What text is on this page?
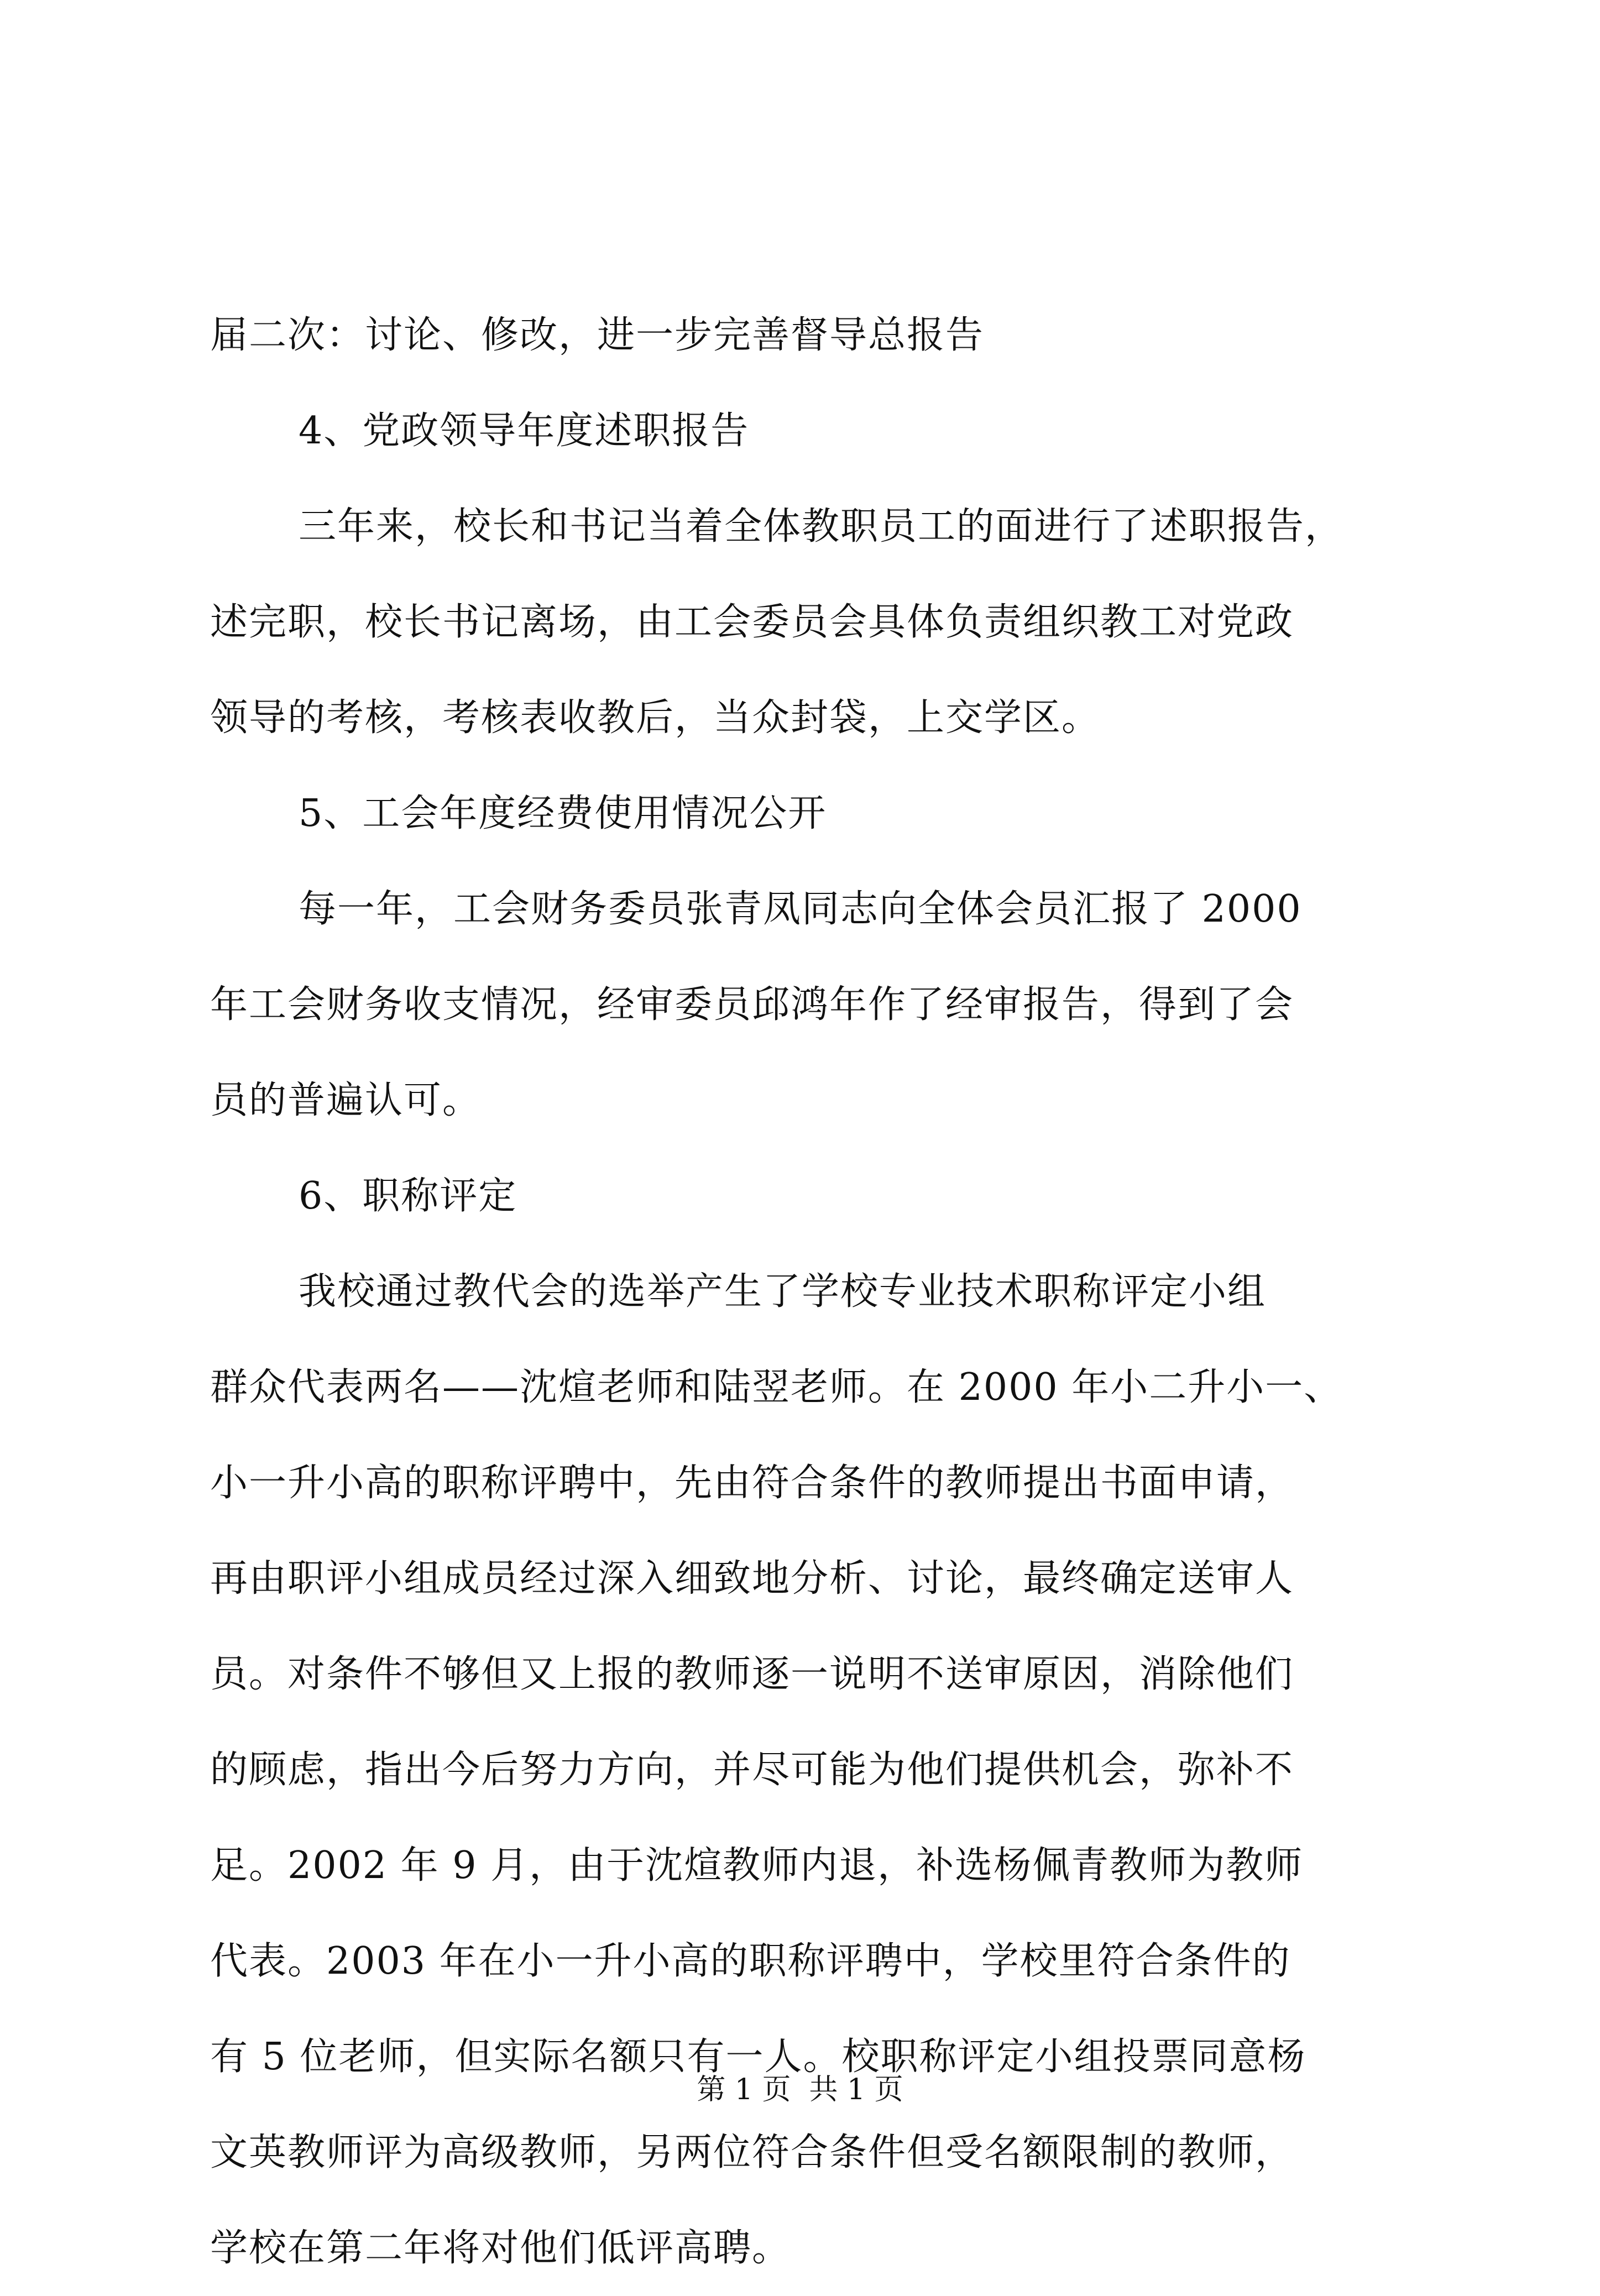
届二次：讨论、修改，进一步完善督导总报告
4、党政领导年度述职报告
三年来，校长和书记当着全体教职员工的面进行了述职报告，
述完职，校长书记离场，由工会委员会具体负责组织教工对党政
领导的考核，考核表收教后，当众封袋，上交学区。
5、工会年度经费使用情况公开
每一年，工会财务委员张青凤同志向全体会员汇报了 2000
年工会财务收支情况，经审委员邱鸿年作了经审报告，得到了会
员的普遍认可。
6、职称评定
我校通过教代会的选举产生了学校专业技术职称评定小组
群众代表两名——沈煊老师和陆翌老师。在 2000 年小二升小一、
小一升小高的职称评聘中，先由符合条件的教师提出书面申请，
再由职评小组成员经过深入细致地分析、讨论，最终确定送审人
员。对条件不够但又上报的教师逐一说明不送审原因，消除他们
的顾虑，指出今后努力方向，并尽可能为他们提供机会，弥补不
足。2002 年 9 月，由于沈煊教师内退，补选杨佩青教师为教师
代表。2003 年在小一升小高的职称评聘中，学校里符合条件的
有 5 位老师，但实际名额只有一人。校职称评定小组投票同意杨
文英教师评为高级教师，另两位符合条件但受名额限制的教师，
学校在第二年将对他们低评高聘。
第 1 页  共 1 页
